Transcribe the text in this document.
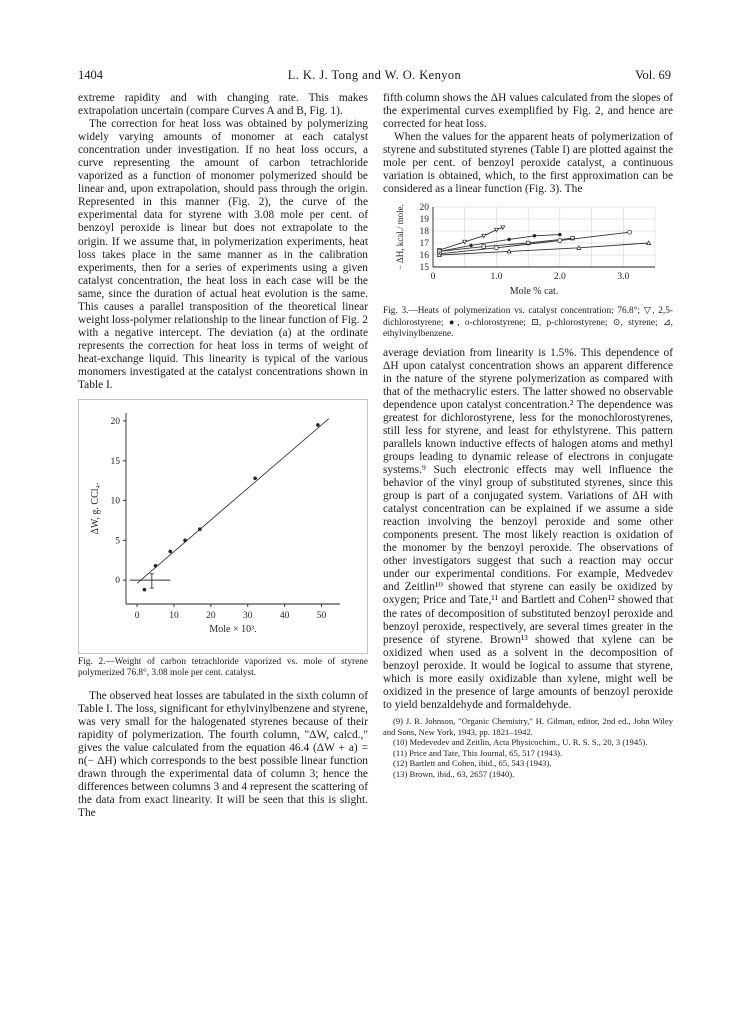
1404	L. K. J. Tong and W. O. Kenyon	Vol. 69

extreme rapidity and with changing rate. This makes extrapolation uncertain (compare Curves A and B, Fig. 1).

The correction for heat loss was obtained by polymerizing widely varying amounts of monomer at each catalyst concentration under investigation. If no heat loss occurs, a curve representing the amount of carbon tetrachloride vaporized as a function of monomer polymerized should be linear and, upon extrapolation, should pass through the origin. Represented in this manner (Fig. 2), the curve of the experimental data for styrene with 3.08 mole per cent. of benzoyl peroxide is linear but does not extrapolate to the origin. If we assume that, in polymerization experiments, heat loss takes place in the same manner as in the calibration experiments, then for a series of experiments using a given catalyst concentration, the heat loss in each case will be the same, since the duration of actual heat evolution is the same. This causes a parallel transposition of the theoretical linear weight loss-polymer relationship to the linear function of Fig. 2 with a negative intercept. The deviation (a) at the ordinate represents the correction for heat loss in terms of weight of heat-exchange liquid. This linearity is typical of the various monomers investigated at the catalyst concentrations shown in Table I.

0	10	20	30	40	50
0
5
10
15
20
Mole × 10³.
ΔW, g. CCl₄.
Fig. 2.—Weight of carbon tetrachloride vaporized vs. mole of styrene polymerized 76.8°, 3.08 mole per cent. catalyst.

The observed heat losses are tabulated in the sixth column of Table I. The loss, significant for ethylvinylbenzene and styrene, was very small for the halogenated styrenes because of their rapidity of polymerization. The fourth column, "ΔW, calcd.," gives the value calculated from the equation 46.4 (ΔW + a) = n(− ΔH) which corresponds to the best possible linear function drawn through the experimental data of column 3; hence the differences between columns 3 and 4 represent the scattering of the data from exact linearity. It will be seen that this is slight. The

fifth column shows the ΔH values calculated from the slopes of the experimental curves exemplified by Fig. 2, and hence are corrected for heat loss.

When the values for the apparent heats of polymerization of styrene and substituted styrenes (Table I) are plotted against the mole per cent. of benzoyl peroxide catalyst, a continuous variation is obtained, which, to the first approximation can be considered as a linear function (Fig. 3). The

0	1.0	2.0	3.0
15
16
17
18
19
20
Mole % cat.
− ΔH, kcal./ mole.
Fig. 3.—Heats of polymerization vs. catalyst concentration; 76.8°; ▽, 2,5-dichlorostyrene; ●, o-chlorostyrene; ⊡, p-chlorostyrene; ⊙, styrene; ⊿, ethylvinylbenzene.

average deviation from linearity is 1.5%. This dependence of ΔH upon catalyst concentration shows an apparent difference in the nature of the styrene polymerization as compared with that of the methacrylic esters. The latter showed no observable dependence upon catalyst concentration.² The dependence was greatest for dichlorostyrene, less for the monochlorostyrenes, still less for styrene, and least for ethylstyrene. This pattern parallels known inductive effects of halogen atoms and methyl groups leading to dynamic release of electrons in conjugate systems.⁹ Such electronic effects may well influence the behavior of the vinyl group of substituted styrenes, since this group is part of a conjugated system. Variations of ΔH with catalyst concentration can be explained if we assume a side reaction involving the benzoyl peroxide and some other components present. The most likely reaction is oxidation of the monomer by the benzoyl peroxide. The observations of other investigators suggest that such a reaction may occur under our experimental conditions. For example, Medvedev and Zeitlin¹⁰ showed that styrene can easily be oxidized by oxygen; Price and Tate,¹¹ and Bartlett and Cohen¹² showed that the rates of decomposition of substituted benzoyl peroxide and benzoyl peroxide, respectively, are several times greater in the presence of styrene. Brown¹³ showed that xylene can be oxidized when used as a solvent in the decomposition of benzoyl peroxide. It would be logical to assume that styrene, which is more easily oxidizable than xylene, might well be oxidized in the presence of large amounts of benzoyl peroxide to yield benzaldehyde and formaldehyde.

(9) J. R. Johnson, "Organic Chemistry," H. Gilman, editor, 2nd ed., John Wiley and Sons, New York, 1943, pp. 1821–1942.

(10) Medevedev and Zeitlin, Acta Physicochim., U. R. S. S., 20, 3 (1945).

(11) Price and Tate, This Journal, 65, 517 (1943).

(12) Bartlett and Cohen, ibid., 65, 543 (1943).

(13) Brown, ibid., 63, 2657 (1940).
